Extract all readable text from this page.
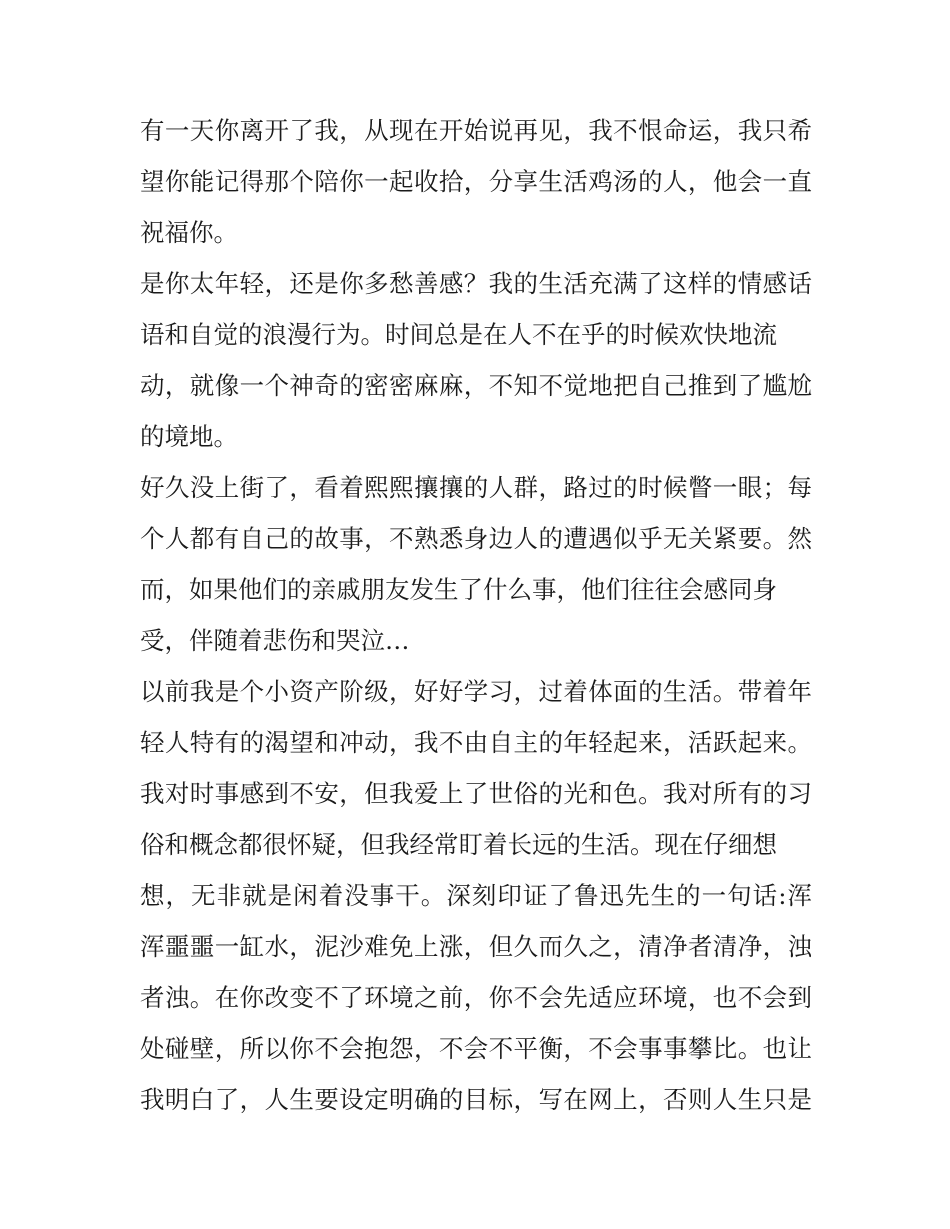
有一天你离开了我，从现在开始说再见，我不恨命运，我只希
望你能记得那个陪你一起收拾，分享生活鸡汤的人，他会一直
祝福你。
是你太年轻，还是你多愁善感？我的生活充满了这样的情感话
语和自觉的浪漫行为。时间总是在人不在乎的时候欢快地流
动，就像一个神奇的密密麻麻，不知不觉地把自己推到了尴尬
的境地。
好久没上街了，看着熙熙攘攘的人群，路过的时候瞥一眼；每
个人都有自己的故事，不熟悉身边人的遭遇似乎无关紧要。然
而，如果他们的亲戚朋友发生了什么事，他们往往会感同身
受，伴随着悲伤和哭泣…
以前我是个小资产阶级，好好学习，过着体面的生活。带着年
轻人特有的渴望和冲动，我不由自主的年轻起来，活跃起来。
我对时事感到不安，但我爱上了世俗的光和色。我对所有的习
俗和概念都很怀疑，但我经常盯着长远的生活。现在仔细想
想，无非就是闲着没事干。深刻印证了鲁迅先生的一句话:浑
浑噩噩一缸水，泥沙难免上涨，但久而久之，清净者清净，浊
者浊。在你改变不了环境之前，你不会先适应环境，也不会到
处碰壁，所以你不会抱怨，不会不平衡，不会事事攀比。也让
我明白了，人生要设定明确的目标，写在网上，否则人生只是
